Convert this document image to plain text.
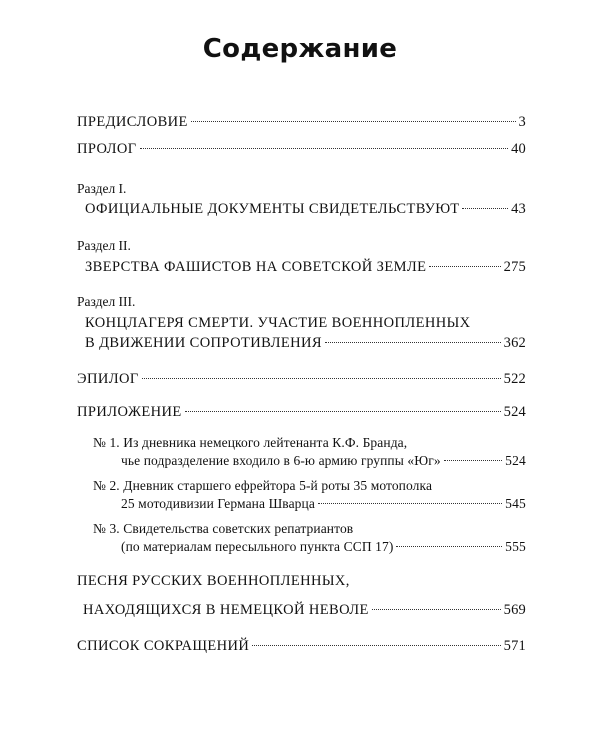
Содержание
ПРЕДИСЛОВИЕ	3
ПРОЛОГ	40
Раздел I.
ОФИЦИАЛЬНЫЕ ДОКУМЕНТЫ СВИДЕТЕЛЬСТВУЮТ	43
Раздел II.
ЗВЕРСТВА ФАШИСТОВ НА СОВЕТСКОЙ ЗЕМЛЕ	275
Раздел III.
КОНЦЛАГЕРЯ СМЕРТИ. УЧАСТИЕ ВОЕННОПЛЕННЫХ
В ДВИЖЕНИИ СОПРОТИВЛЕНИЯ	362
ЭПИЛОГ	522
ПРИЛОЖЕНИЕ	524
№ 1. Из дневника немецкого лейтенанта К.Ф. Бранда,
чье подразделение входило в 6-ю армию группы «Юг»	524
№ 2. Дневник старшего ефрейтора 5-й роты 35 мотополка
25 мотодивизии Германа Шварца	545
№ 3. Свидетельства советских репатриантов
(по материалам пересыльного пункта ССП 17)	555
ПЕСНЯ РУССКИХ ВОЕННОПЛЕННЫХ,
НАХОДЯЩИХСЯ В НЕМЕЦКОЙ НЕВОЛЕ	569
СПИСОК СОКРАЩЕНИЙ	571
